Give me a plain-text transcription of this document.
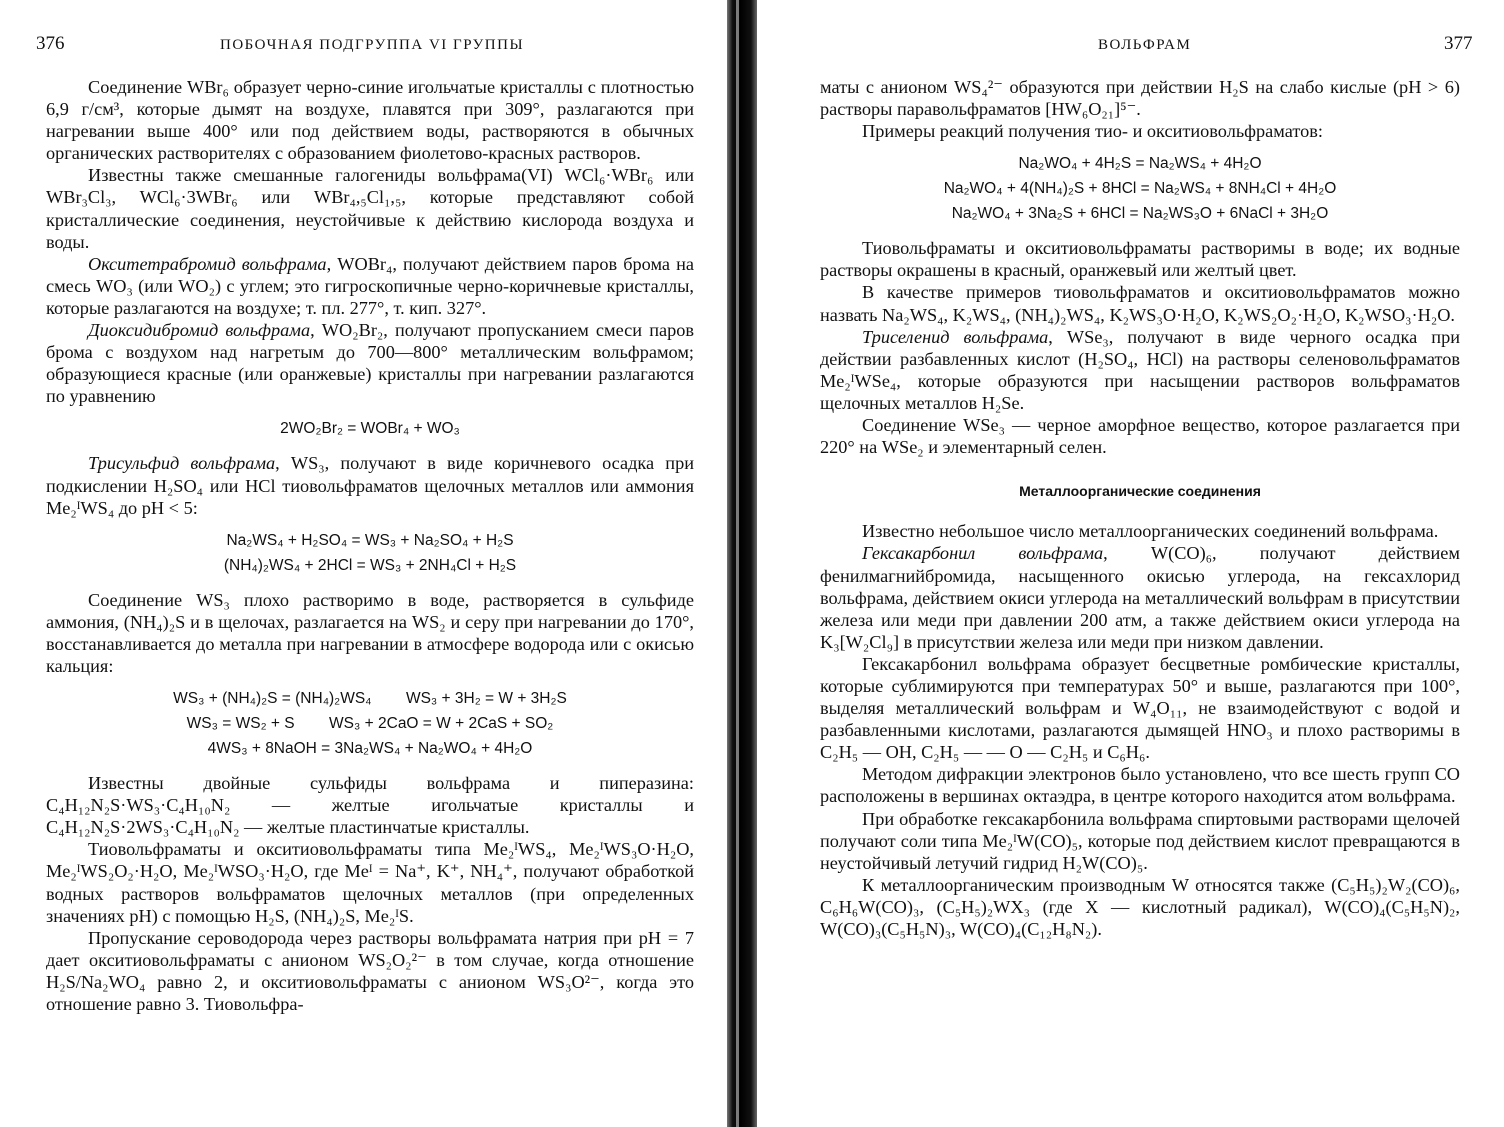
376	ПОБОЧНАЯ ПОДГРУППА VI ГРУППЫ

Соединение WBr₆ образует черно-синие игольчатые кристаллы с плотностью 6,9 г/см³, которые дымят на воздухе, плавятся при 309°, разлагаются при нагревании выше 400° или под действием воды, растворяются в обычных органических растворителях с образованием фиолетово-красных растворов.

Известны также смешанные галогениды вольфрама(VI) WCl₆·WBr₆ или WBr₃Cl₃, WCl₆·3WBr₆ или WBr₄,₅Cl₁,₅, которые представляют собой кристаллические соединения, неустойчивые к действию кислорода воздуха и воды.

Окситетрабромид вольфрама, WOBr₄, получают действием паров брома на смесь WO₃ (или WO₂) с углем; это гигроскопичные черно-коричневые кристаллы, которые разлагаются на воздухе; т. пл. 277°, т. кип. 327°.

Диоксидибромид вольфрама, WO₂Br₂, получают пропусканием смеси паров брома с воздухом над нагретым до 700—800° металлическим вольфрамом; образующиеся красные (или оранжевые) кристаллы при нагревании разлагаются по уравнению

2WO₂Br₂ = WOBr₄ + WO₃

Трисульфид вольфрама, WS₃, получают в виде коричневого осадка при подкислении H₂SO₄ или HCl тиовольфраматов щелочных металлов или аммония Me₂ᴵWS₄ до pH < 5:

Na₂WS₄ + H₂SO₄ = WS₃ + Na₂SO₄ + H₂S

(NH₄)₂WS₄ + 2HCl = WS₃ + 2NH₄Cl + H₂S

Соединение WS₃ плохо растворимо в воде, растворяется в сульфиде аммония, (NH₄)₂S и в щелочах, разлагается на WS₂ и серу при нагревании до 170°, восстанавливается до металла при нагревании в атмосфере водорода или с окисью кальция:

WS₃ + (NH₄)₂S = (NH₄)₂WS₄        WS₃ + 3H₂ = W + 3H₂S

WS₃ = WS₂ + S        WS₃ + 2CaO = W + 2CaS + SO₂

4WS₃ + 8NaOH = 3Na₂WS₄ + Na₂WO₄ + 4H₂O

Известны двойные сульфиды вольфрама и пиперазина: C₄H₁₂N₂S·WS₃·C₄H₁₀N₂ — желтые игольчатые кристаллы и C₄H₁₂N₂S·2WS₃·C₄H₁₀N₂ — желтые пластинчатые кристаллы.

Тиовольфраматы и окситиовольфраматы типа Me₂ᴵWS₄, Me₂ᴵWS₃O·H₂O, Me₂ᴵWS₂O₂·H₂O, Me₂ᴵWSO₃·H₂O, где Meᴵ = Na⁺, K⁺, NH₄⁺, получают обработкой водных растворов вольфраматов щелочных металлов (при определенных значениях pH) с помощью H₂S, (NH₄)₂S, Me₂ᴵS.

Пропускание сероводорода через растворы вольфрамата натрия при pH = 7 дает окситиовольфраматы с анионом WS₂O₂²⁻ в том случае, когда отношение H₂S/Na₂WO₄ равно 2, и окситиовольфраматы с анионом WS₃O²⁻, когда это отношение равно 3. Тиовольфра-

ВОЛЬФРАМ	377

маты с анионом WS₄²⁻ образуются при действии H₂S на слабо кислые (pH > 6) растворы паравольфраматов [HW₆O₂₁]⁵⁻.

Примеры реакций получения тио- и окситиовольфраматов:

Na₂WO₄ + 4H₂S = Na₂WS₄ + 4H₂O

Na₂WO₄ + 4(NH₄)₂S + 8HCl = Na₂WS₄ + 8NH₄Cl + 4H₂O

Na₂WO₄ + 3Na₂S + 6HCl = Na₂WS₃O + 6NaCl + 3H₂O

Тиовольфраматы и окситиовольфраматы растворимы в воде; их водные растворы окрашены в красный, оранжевый или желтый цвет.

В качестве примеров тиовольфраматов и окситиовольфраматов можно назвать Na₂WS₄, K₂WS₄, (NH₄)₂WS₄, K₂WS₃O·H₂O, K₂WS₂O₂·H₂O, K₂WSO₃·H₂O.

Триселенид вольфрама, WSe₃, получают в виде черного осадка при действии разбавленных кислот (H₂SO₄, HCl) на растворы селеновольфраматов Me₂ᴵWSe₄, которые образуются при насыщении растворов вольфраматов щелочных металлов H₂Se.

Соединение WSe₃ — черное аморфное вещество, которое разлагается при 220° на WSe₂ и элементарный селен.

Металлоорганические соединения

Известно небольшое число металлоорганических соединений вольфрама.

Гексакарбонил вольфрама, W(CO)₆, получают действием фенилмагнийбромида, насыщенного окисью углерода, на гексахлорид вольфрама, действием окиси углерода на металлический вольфрам в присутствии железа или меди при давлении 200 атм, а также действием окиси углерода на K₃[W₂Cl₉] в присутствии железа или меди при низком давлении.

Гексакарбонил вольфрама образует бесцветные ромбические кристаллы, которые сублимируются при температурах 50° и выше, разлагаются при 100°, выделяя металлический вольфрам и W₄O₁₁, не взаимодействуют с водой и разбавленными кислотами, разлагаются дымящей HNO₃ и плохо растворимы в C₂H₅ — OH, C₂H₅ — — O — C₂H₅ и C₆H₆.

Методом дифракции электронов было установлено, что все шесть групп CO расположены в вершинах октаэдра, в центре которого находится атом вольфрама.

При обработке гексакарбонила вольфрама спиртовыми растворами щелочей получают соли типа Me₂ᴵW(CO)₅, которые под действием кислот превращаются в неустойчивый летучий гидрид H₂W(CO)₅.

К металлоорганическим производным W относятся также (C₅H₅)₂W₂(CO)₆, C₆H₆W(CO)₃, (C₅H₅)₂WX₃ (где X — кислотный радикал), W(CO)₄(C₅H₅N)₂, W(CO)₃(C₅H₅N)₃, W(CO)₄(C₁₂H₈N₂).
